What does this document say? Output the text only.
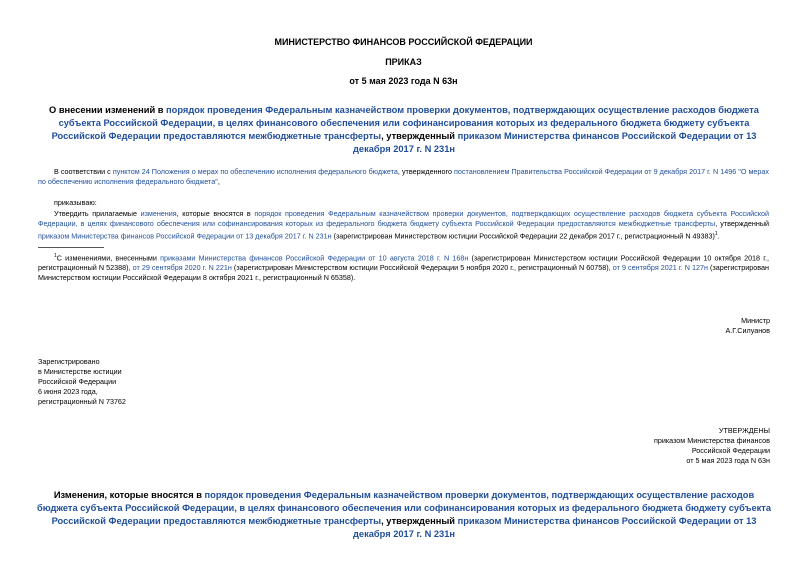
МИНИСТЕРСТВО ФИНАНСОВ РОССИЙСКОЙ ФЕДЕРАЦИИ
ПРИКАЗ
от 5 мая 2023 года N 63н
О внесении изменений в порядок проведения Федеральным казначейством проверки документов, подтверждающих осуществление расходов бюджета субъекта Российской Федерации, в целях финансового обеспечения или софинансирования которых из федерального бюджета бюджету субъекта Российской Федерации предоставляются межбюджетные трансферты, утвержденный приказом Министерства финансов Российской Федерации от 13 декабря 2017 г. N 231н
В соответствии с пунктом 24 Положения о мерах по обеспечению исполнения федерального бюджета, утвержденного постановлением Правительства Российской Федерации от 9 декабря 2017 г. N 1496 "О мерах по обеспечению исполнения федерального бюджета",
приказываю:
Утвердить прилагаемые изменения, которые вносятся в порядок проведения Федеральным казначейством проверки документов, подтверждающих осуществление расходов бюджета субъекта Российской Федерации, в целях финансового обеспечения или софинансирования которых из федерального бюджета бюджету субъекта Российской Федерации предоставляются межбюджетные трансферты, утвержденный приказом Министерства финансов Российской Федерации от 13 декабря 2017 г. N 231н (зарегистрирован Министерством юстиции Российской Федерации 22 декабря 2017 г., регистрационный N 49383)$^1$.
$^1$С изменениями, внесенными приказами Министерства финансов Российской Федерации от 10 августа 2018 г. N 168н (зарегистрирован Министерством юстиции Российской Федерации 10 октября 2018 г., регистрационный N 52388), от 29 сентября 2020 г. N 221н (зарегистрирован Министерством юстиции Российской Федерации 5 ноября 2020 г., регистрационный N 60758), от 9 сентября 2021 г. N 127н (зарегистрирован Министерством юстиции Российской Федерации 8 октября 2021 г., регистрационный N 65358).
Министр
А.Г.Силуанов
Зарегистрировано
в Министерстве юстиции
Российской Федерации
6 июня 2023 года,
регистрационный N 73762
УТВЕРЖДЕНЫ
приказом Министерства финансов
Российской Федерации
от 5 мая 2023 года N 63н
Изменения, которые вносятся в порядок проведения Федеральным казначейством проверки документов, подтверждающих осуществление расходов бюджета субъекта Российской Федерации, в целях финансового обеспечения или софинансирования которых из федерального бюджета бюджету субъекта Российской Федерации предоставляются межбюджетные трансферты, утвержденный приказом Министерства финансов Российской Федерации от 13 декабря 2017 г. N 231н
